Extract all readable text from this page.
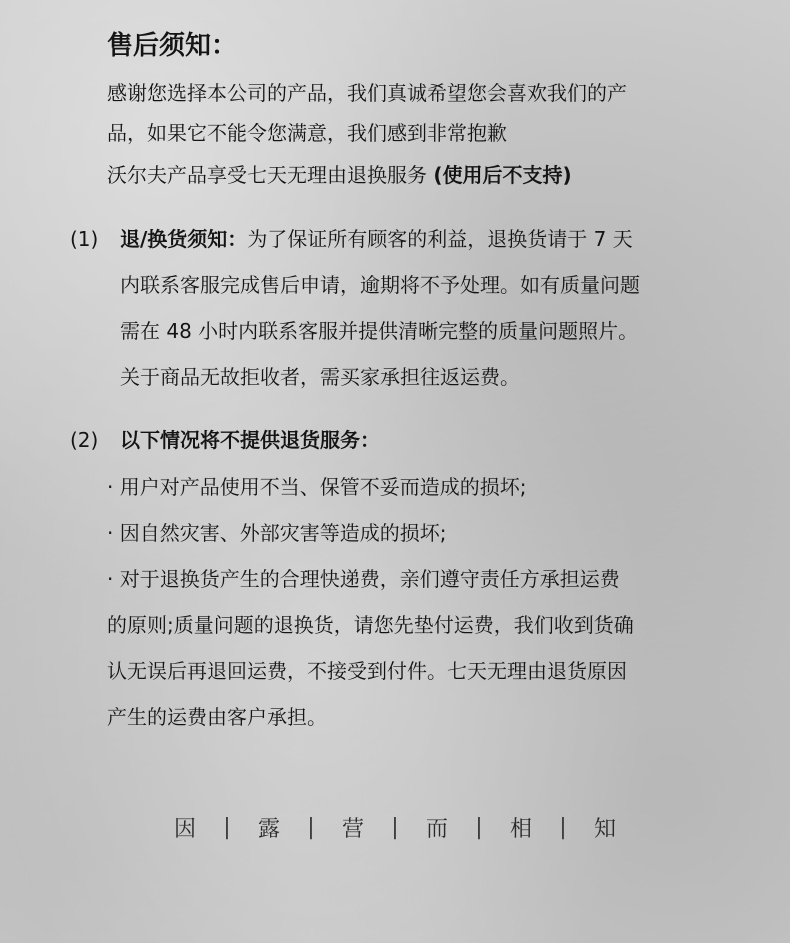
售后须知：
感谢您选择本公司的产品，我们真诚希望您会喜欢我们的产
品，如果它不能令您满意，我们感到非常抱歉
沃尔夫产品享受七天无理由退换服务 (使用后不支持)
(1) 退/换货须知：为了保证所有顾客的利益，退换货请于 7 天
内联系客服完成售后申请，逾期将不予处理。如有质量问题
需在 48 小时内联系客服并提供清晰完整的质量问题照片。
关于商品无故拒收者，需买家承担往返运费。
(2) 以下情况将不提供退货服务：
· 用户对产品使用不当、保管不妥而造成的损坏;
· 因自然灾害、外部灾害等造成的损坏;
· 对于退换货产生的合理快递费，亲们遵守责任方承担运费
的原则;质量问题的退换货，请您先垫付运费，我们收到货确
认无误后再退回运费，不接受到付件。七天无理由退货原因
产生的运费由客户承担。
因	|	露	|	营	|	而	|	相	|	知
